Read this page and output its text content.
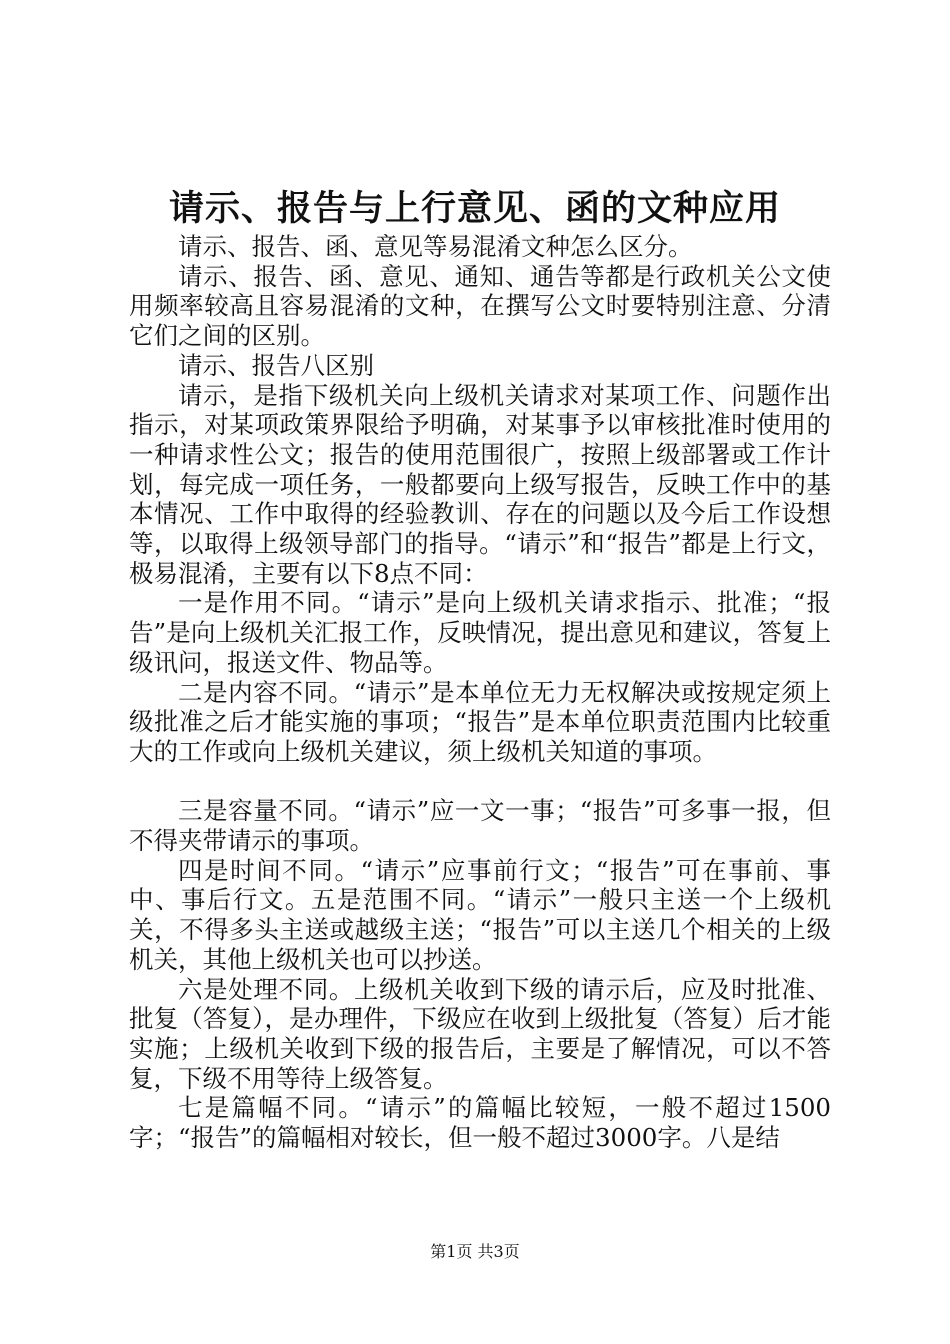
请示、报告与上行意见、函的文种应用

请示、报告、函、意见等易混淆文种怎么区分。

请示、报告、函、意见、通知、通告等都是行政机关公文使用频率较高且容易混淆的文种，在撰写公文时要特别注意、分清它们之间的区别。

请示、报告八区别

请示，是指下级机关向上级机关请求对某项工作、问题作出指示，对某项政策界限给予明确，对某事予以审核批准时使用的一种请求性公文；报告的使用范围很广，按照上级部署或工作计划，每完成一项任务，一般都要向上级写报告，反映工作中的基本情况、工作中取得的经验教训、存在的问题以及今后工作设想等，以取得上级领导部门的指导。“请示”和“报告”都是上行文，极易混淆，主要有以下8点不同：

一是作用不同。“请示”是向上级机关请求指示、批准；“报告”是向上级机关汇报工作，反映情况，提出意见和建议，答复上级讯问，报送文件、物品等。

二是内容不同。“请示”是本单位无力无权解决或按规定须上级批准之后才能实施的事项；“报告”是本单位职责范围内比较重大的工作或向上级机关建议，须上级机关知道的事项。

三是容量不同。“请示”应一文一事；“报告”可多事一报，但不得夹带请示的事项。

四是时间不同。“请示”应事前行文；“报告”可在事前、事中、事后行文。五是范围不同。“请示”一般只主送一个上级机关，不得多头主送或越级主送；“报告”可以主送几个相关的上级机关，其他上级机关也可以抄送。

六是处理不同。上级机关收到下级的请示后，应及时批准、批复（答复），是办理件，下级应在收到上级批复（答复）后才能实施；上级机关收到下级的报告后，主要是了解情况，可以不答复，下级不用等待上级答复。

七是篇幅不同。“请示”的篇幅比较短，一般不超过1500字；“报告”的篇幅相对较长，但一般不超过3000字。八是结

第1页 共3页
